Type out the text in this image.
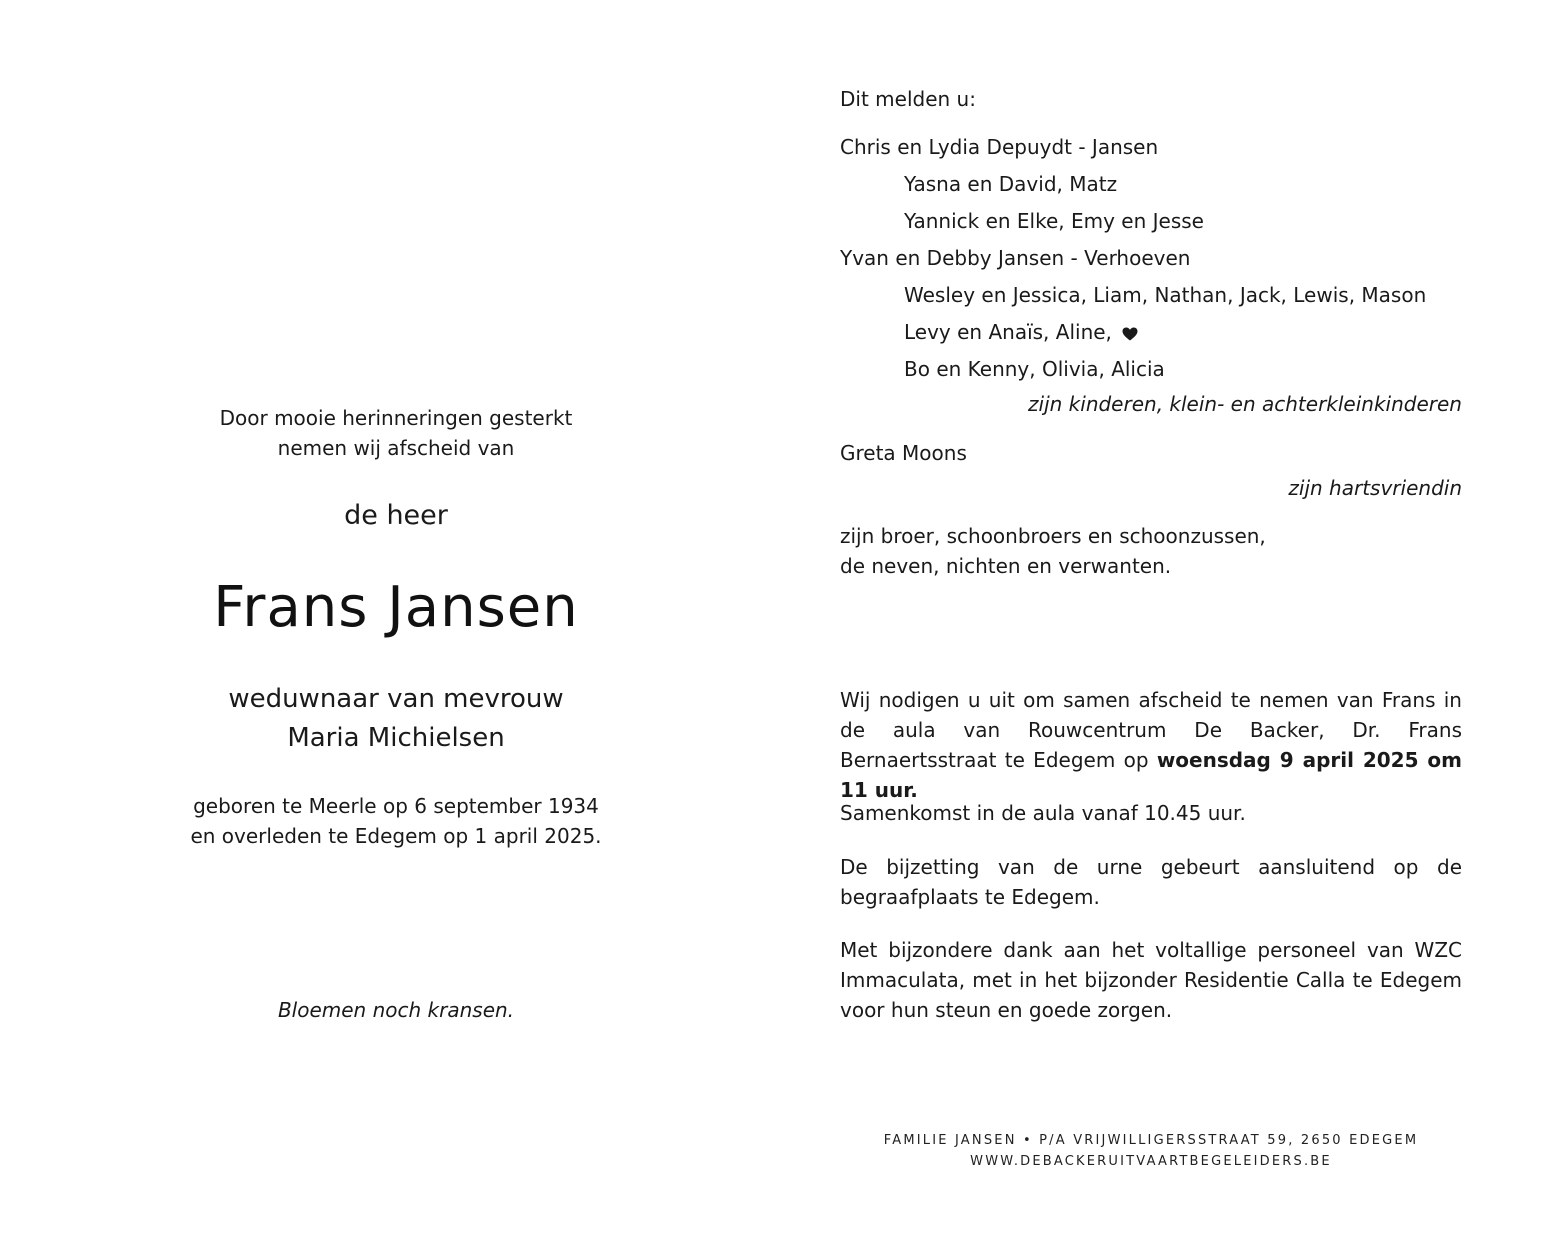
Door mooie herinneringen gesterkt
nemen wij afscheid van
de heer
Frans Jansen
weduwnaar van mevrouw
Maria Michielsen
geboren te Meerle op 6 september 1934
en overleden te Edegem op 1 april 2025.
Bloemen noch kransen.
Dit melden u:
Chris en Lydia Depuydt - Jansen
Yasna en David, Matz
Yannick en Elke, Emy en Jesse
Yvan en Debby Jansen - Verhoeven
Wesley en Jessica, Liam, Nathan, Jack, Lewis, Mason
Levy en Anaïs, Aline,
Bo en Kenny, Olivia, Alicia
zijn kinderen, klein- en achterkleinkinderen
Greta Moons
zijn hartsvriendin
zijn broer, schoonbroers en schoonzussen,
de neven, nichten en verwanten.
Wij nodigen u uit om samen afscheid te nemen van Frans in de aula van Rouwcentrum De Backer, Dr. Frans Bernaertsstraat te Edegem op woensdag 9 april 2025 om 11 uur.
Samenkomst in de aula vanaf 10.45 uur.
De bijzetting van de urne gebeurt aansluitend op de begraafplaats te Edegem.
Met bijzondere dank aan het voltallige personeel van WZC Immaculata, met in het bijzonder Residentie Calla te Edegem voor hun steun en goede zorgen.
FAMILIE JANSEN • P/A VRIJWILLIGERSSTRAAT 59, 2650 EDEGEM
WWW.DEBACKERUITVAARTBEGELEIDERS.BE
